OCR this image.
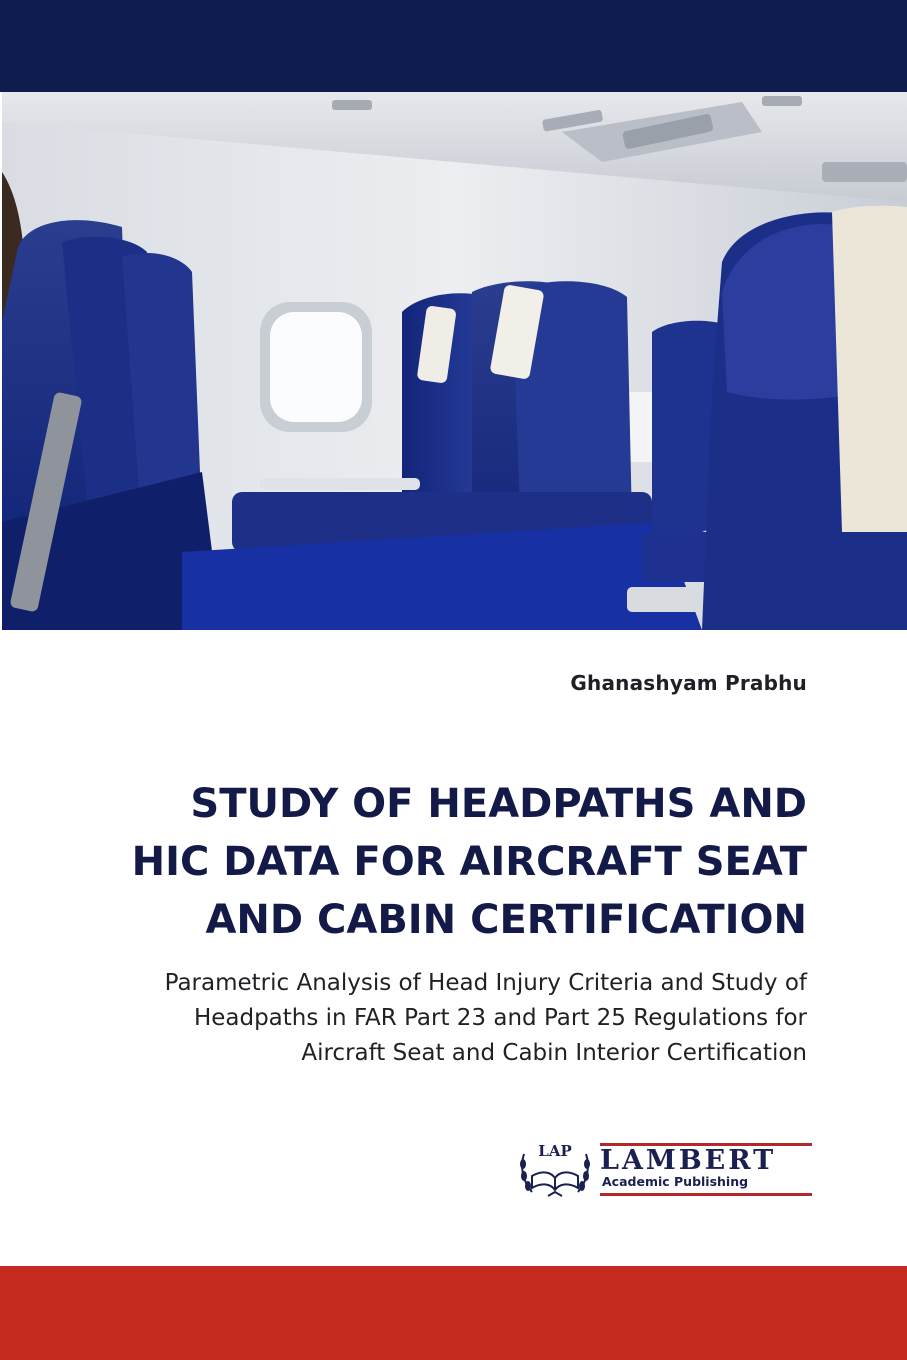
Ghanashyam Prabhu
STUDY OF HEADPATHS AND
HIC DATA FOR AIRCRAFT SEAT
AND CABIN CERTIFICATION
Parametric Analysis of Head Injury Criteria and Study of
Headpaths in FAR Part 23 and Part 25 Regulations for
Aircraft Seat and Cabin Interior Certification
LAP LAMBERT
Academic Publishing
